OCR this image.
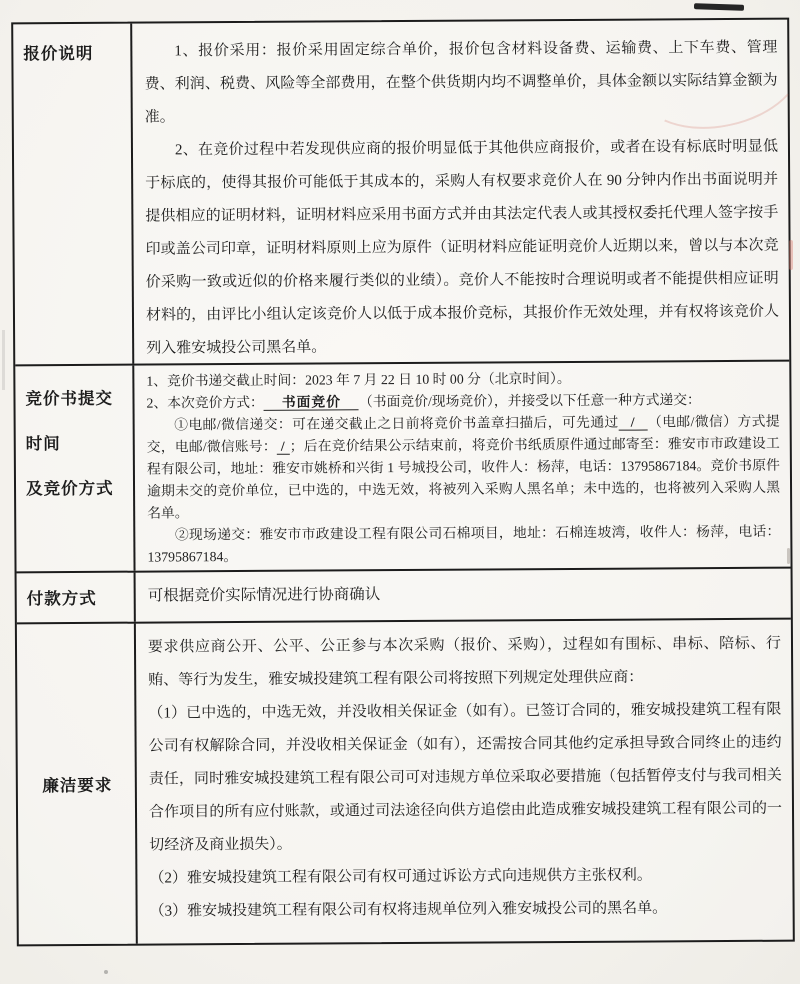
报价说明	1、报价采用：报价采用固定综合单价，报价包含材料设备费、运输费、上下车费、管理费、利润、税费、风险等全部费用，在整个供货期内均不调整单价，具体金额以实际结算金额为准。

2、在竞价过程中若发现供应商的报价明显低于其他供应商报价，或者在设有标底时明显低于标底的，使得其报价可能低于其成本的，采购人有权要求竞价人在 90 分钟内作出书面说明并提供相应的证明材料，证明材料应采用书面方式并由其法定代表人或其授权委托代理人签字按手印或盖公司印章，证明材料原则上应为原件（证明材料应能证明竞价人近期以来，曾以与本次竞价采购一致或近似的价格来履行类似的业绩）。竞价人不能按时合理说明或者不能提供相应证明材料的，由评比小组认定该竞价人以低于成本报价竞标，其报价作无效处理，并有权将该竞价人列入雅安城投公司黑名单。

竞价书提交时间
及竞价方式

1、竞价书递交截止时间：2023 年 7 月 22 日 10 时 00 分（北京时间）。

2、本次竞价方式： 书面竞价 （书面竞价/现场竞价），并接受以下任意一种方式递交：

①电邮/微信递交：可在递交截止之日前将竞价书盖章扫描后，可先通过 / （电邮/微信）方式提交，电邮/微信账号： / ；后在竞价结果公示结束前，将竞价书纸质原件通过邮寄至：雅安市市政建设工程有限公司，地址：雅安市姚桥和兴街 1 号城投公司，收件人：杨萍，电话：13795867184。竞价书原件逾期未交的竞价单位，已中选的，中选无效，将被列入采购人黑名单；未中选的，也将被列入采购人黑名单。

②现场递交：雅安市市政建设工程有限公司石棉项目，地址：石棉连坡湾，收件人：杨萍，电话：13795867184。

付款方式	可根据竞价实际情况进行协商确认

廉洁要求

要求供应商公开、公平、公正参与本次采购（报价、采购），过程如有围标、串标、陪标、行贿、等行为发生，雅安城投建筑工程有限公司将按照下列规定处理供应商：

（1）已中选的，中选无效，并没收相关保证金（如有）。已签订合同的，雅安城投建筑工程有限公司有权解除合同，并没收相关保证金（如有），还需按合同其他约定承担导致合同终止的违约责任，同时雅安城投建筑工程有限公司可对违规方单位采取必要措施（包括暂停支付与我司相关合作项目的所有应付账款，或通过司法途径向供方追偿由此造成雅安城投建筑工程有限公司的一切经济及商业损失）。

（2）雅安城投建筑工程有限公司有权可通过诉讼方式向违规供方主张权利。

（3）雅安城投建筑工程有限公司有权将违规单位列入雅安城投公司的黑名单。
